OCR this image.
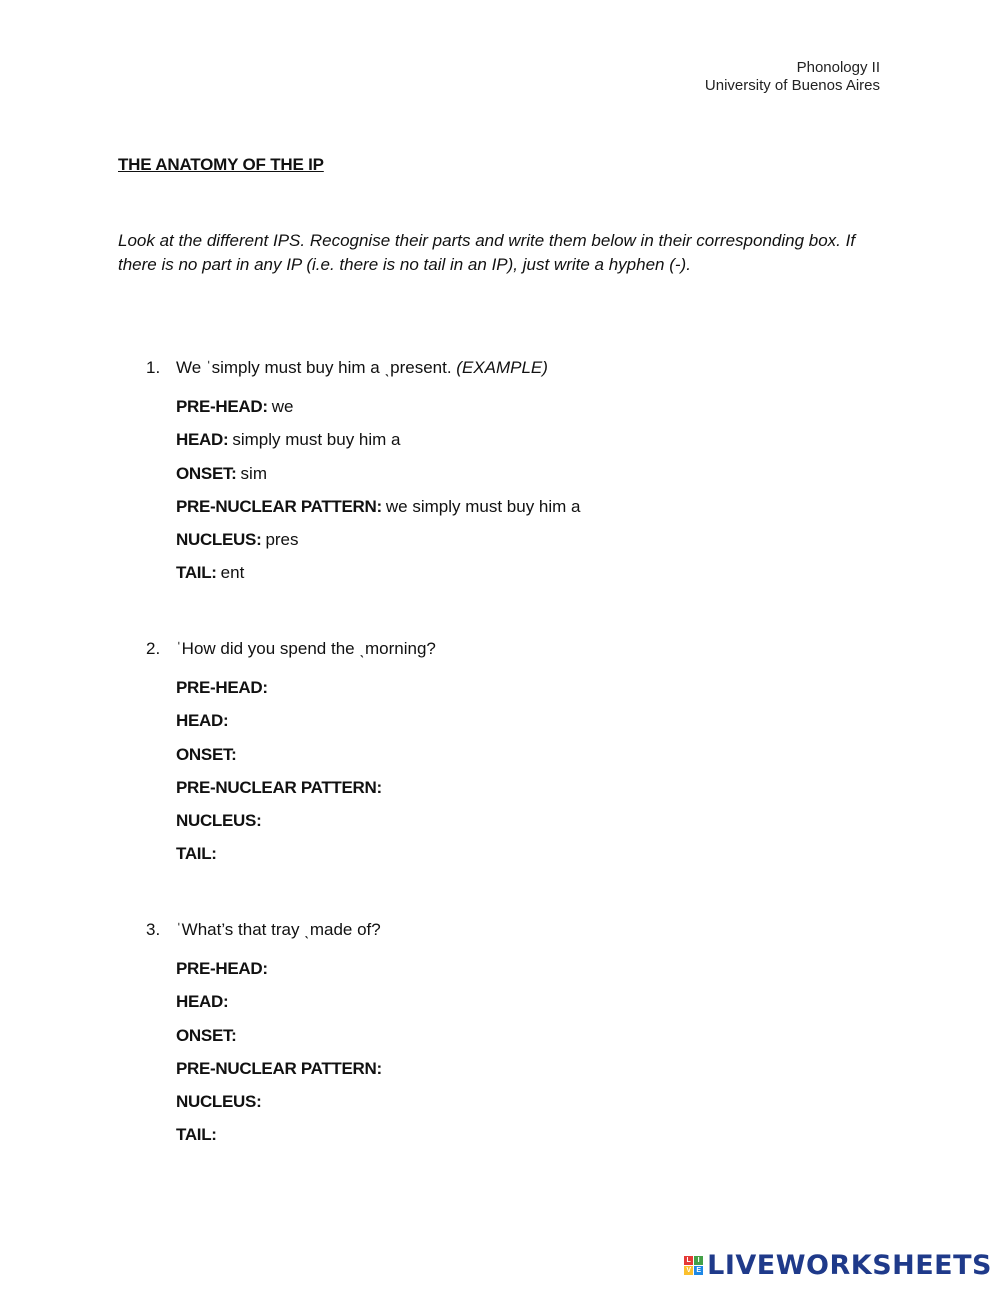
Phonology II
University of Buenos Aires
THE ANATOMY OF THE IP
Look at the different IPS. Recognise their parts and write them below in their corresponding box. If there is no part in any IP (i.e. there is no tail in an IP), just write a hyphen (-).
1. We ˈsimply must buy him a ˎpresent. (EXAMPLE)
PRE-HEAD: we
HEAD: simply must buy him a
ONSET: sim
PRE-NUCLEAR PATTERN: we simply must buy him a
NUCLEUS: pres
TAIL: ent
2. ˈHow did you spend the ˎmorning?
PRE-HEAD:
HEAD:
ONSET:
PRE-NUCLEAR PATTERN:
NUCLEUS:
TAIL:
3. ˈWhat’s that tray ˎmade of?
PRE-HEAD:
HEAD:
ONSET:
PRE-NUCLEAR PATTERN:
NUCLEUS:
TAIL:
L I
V E LIVEWORKSHEETS
